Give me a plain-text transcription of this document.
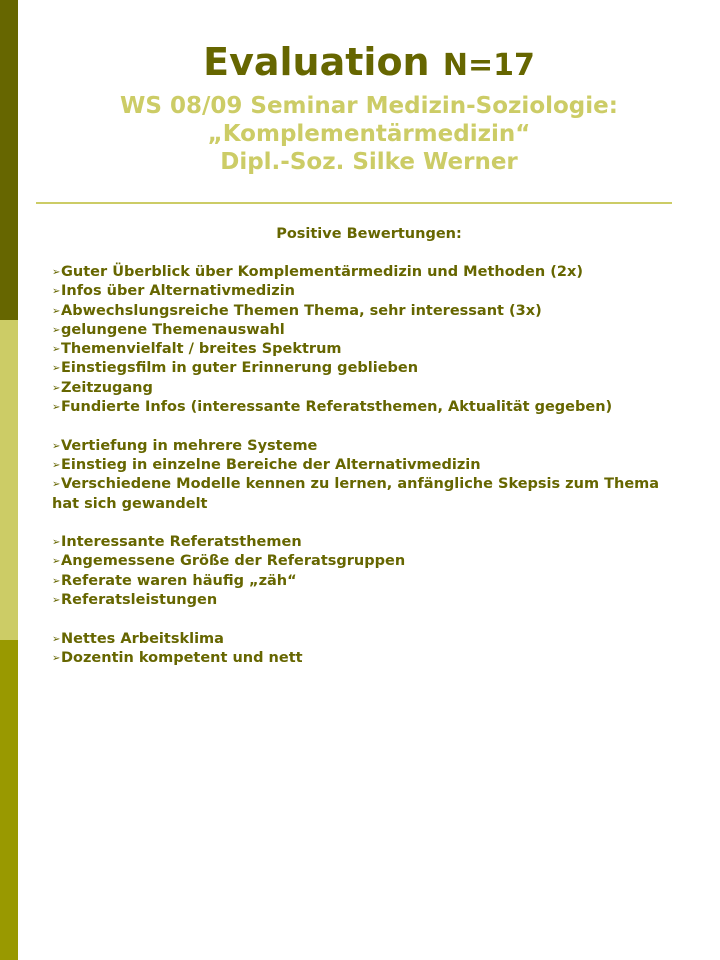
Evaluation N=17
WS 08/09 Seminar Medizin-Soziologie:
„Komplementärmedizin“
Dipl.-Soz. Silke Werner
Positive Bewertungen:
➢ Guter Überblick über Komplementärmedizin und Methoden (2x)
➢ Infos über Alternativmedizin
➢ Abwechslungsreiche Themen Thema, sehr interessant (3x)
➢ gelungene Themenauswahl
➢ Themenvielfalt / breites Spektrum
➢ Einstiegsfilm in guter Erinnerung geblieben
➢ Zeitzugang
➢ Fundierte Infos (interessante Referatsthemen, Aktualität gegeben)
➢ Vertiefung in mehrere Systeme
➢ Einstieg in einzelne Bereiche der Alternativmedizin
➢ Verschiedene Modelle kennen zu lernen, anfängliche Skepsis zum Thema hat sich gewandelt
➢ Interessante Referatsthemen
➢ Angemessene Größe der Referatsgruppen
➢ Referate waren häufig „zäh“
➢ Referatsleistungen
➢ Nettes Arbeitsklima
➢ Dozentin kompetent und nett
